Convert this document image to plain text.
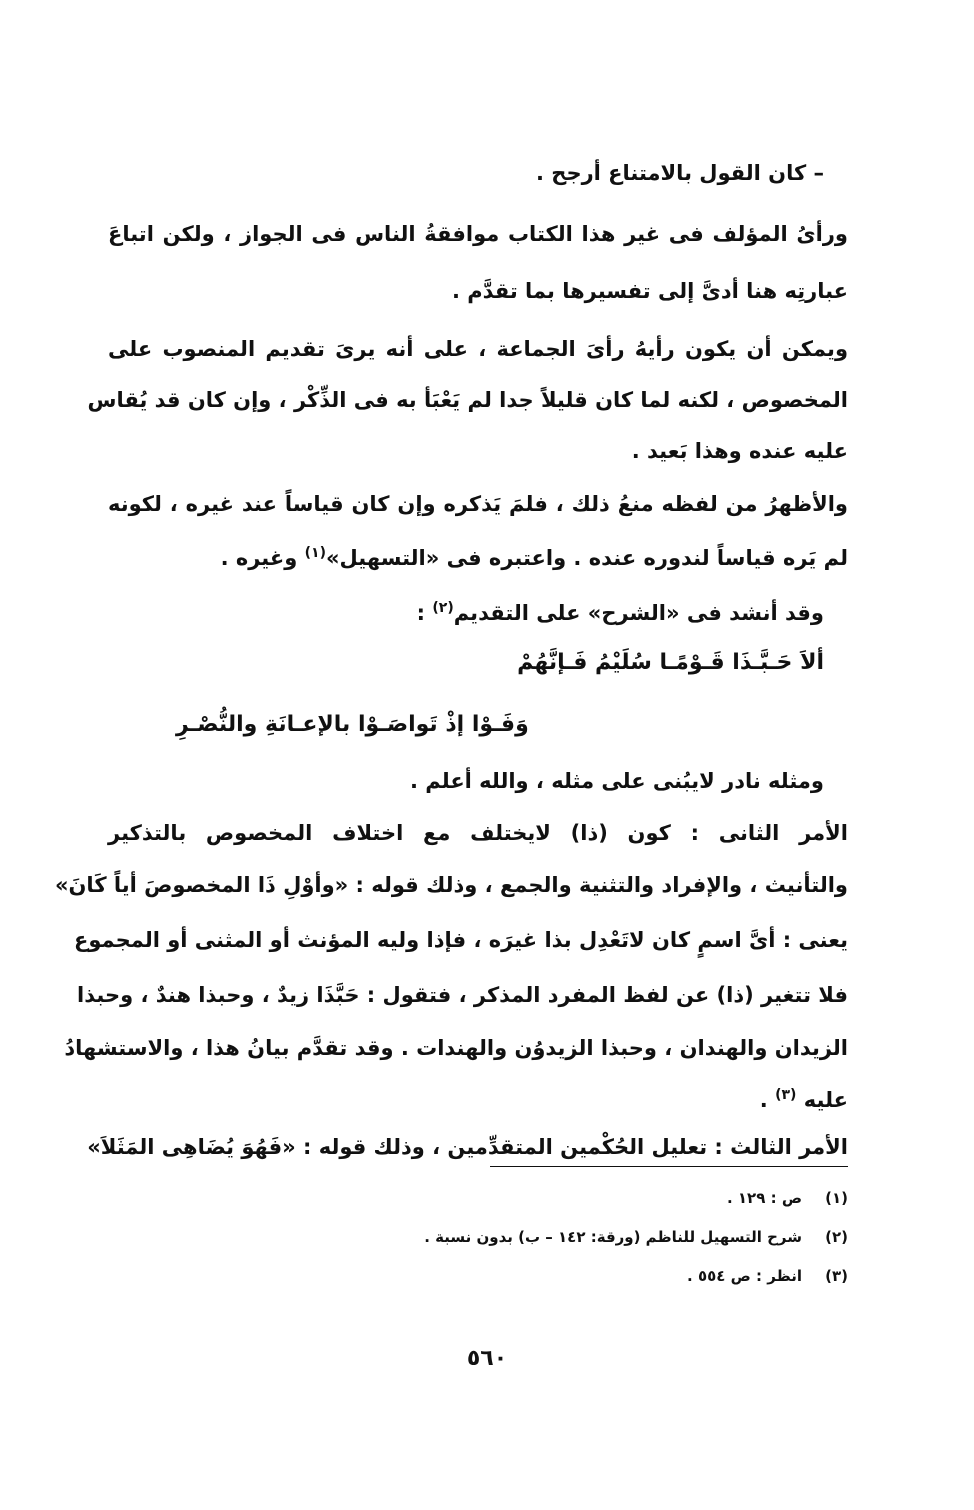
– كان القول بالامتناع أرجح .
ورأىُ المؤلف فى غير هذا الكتاب موافقةُ الناس فى الجواز ، ولكن اتباعَ
عبارتِه هنا أدىَّ إلى تفسيرها بما تقدَّم .
ويمكن أن يكون رأيهُ رأىَ الجماعة ، على أنه يرىَ تقديم المنصوب على
المخصوص ، لكنه لما كان قليلاً جدا لم يَعْبَأ به فى الذِّكْر ، وإن كان قد يُقاس
عليه عنده وهذا بَعيد .
والأظهرُ من لفظه منعُ ذلك ، فلمَ يَذكره وإن كان قياساً عند غيره ، لكونه
لم يَره قياساً لندوره عنده . واعتبره فى «التسهيل»$^{(١)}$ وغيره .
وقد أنشد فى «الشرح» على التقديم$^{(٢)}$ :
ألاَ حَـبَّـذَا قَـوْمًـا سُلَيْمُ فَـإنَّهُمْ
وَفَـوْا إذْ تَواصَـوْا بالإعـانَةِ والنُّصْـرِ
ومثله نادر لايبُنى على مثله ، والله أعلم .
الأمر الثانى : كون (ذا) لايختلف مع اختلاف المخصوص بالتذكير
والتأنيث ، والإفراد والتثنية والجمع ، وذلك قوله : «وأوْلِ ذَا المخصوصَ أياً كَانَ»
يعنى : أىَّ اسمٍ كان لاتَعْدِل بذا غيرَه ، فإذا وليه المؤنث أو المثنى أو المجموع
فلا تتغير (ذا) عن لفظ المفرد المذكر ، فتقول : حَبَّذَا زيدٌ ، وحبذا هندٌ ، وحبذا
الزيدان والهندان ، وحبذا الزيدوُن والهندات . وقد تقدَّم بيانُ هذا ، والاستشهادُ
عليه $^{(٣)}$ .
الأمر الثالث : تعليل الحُكْمين المتقدِّمين ، وذلك قوله : «فَهُوَ يُضَاهِى المَثَلاَ»
(١)ص : ١٢٩ .
(٢)شرح التسهيل للناظم (ورقة: ١٤٢ – ب) بدون نسبة .
(٣)انظر : ص ٥٥٤ .
٥٦٠
